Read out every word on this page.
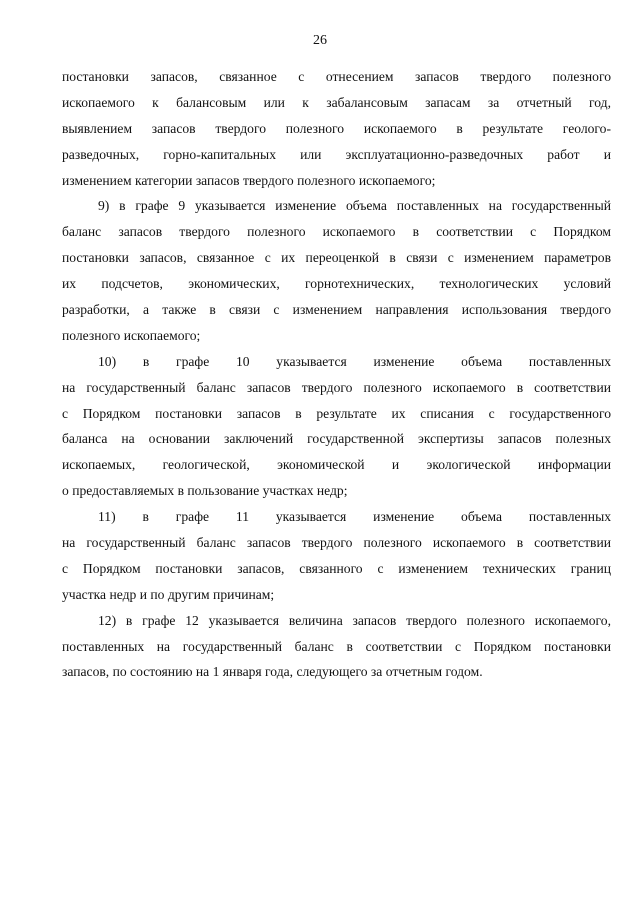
26
постановки запасов, связанное с отнесением запасов твердого полезного
ископаемого к балансовым или к забалансовым запасам за отчетный год,
выявлением запасов твердого полезного ископаемого в результате геолого-
разведочных, горно-капитальных или эксплуатационно-разведочных работ и
изменением категории запасов твердого полезного ископаемого;
9) в графе 9 указывается изменение объема поставленных на государственный
баланс запасов твердого полезного ископаемого в соответствии с Порядком
постановки запасов, связанное с их переоценкой в связи с изменением параметров
их подсчетов, экономических, горнотехнических, технологических условий
разработки, а также в связи с изменением направления использования твердого
полезного ископаемого;
10) в графе 10 указывается изменение объема поставленных
на государственный баланс запасов твердого полезного ископаемого в соответствии
с Порядком постановки запасов в результате их списания с государственного
баланса на основании заключений государственной экспертизы запасов полезных
ископаемых, геологической, экономической и экологической информации
о предоставляемых в пользование участках недр;
11) в графе 11 указывается изменение объема поставленных
на государственный баланс запасов твердого полезного ископаемого в соответствии
с Порядком постановки запасов, связанного с изменением технических границ
участка недр и по другим причинам;
12) в графе 12 указывается величина запасов твердого полезного ископаемого,
поставленных на государственный баланс в соответствии с Порядком постановки
запасов, по состоянию на 1 января года, следующего за отчетным годом.
